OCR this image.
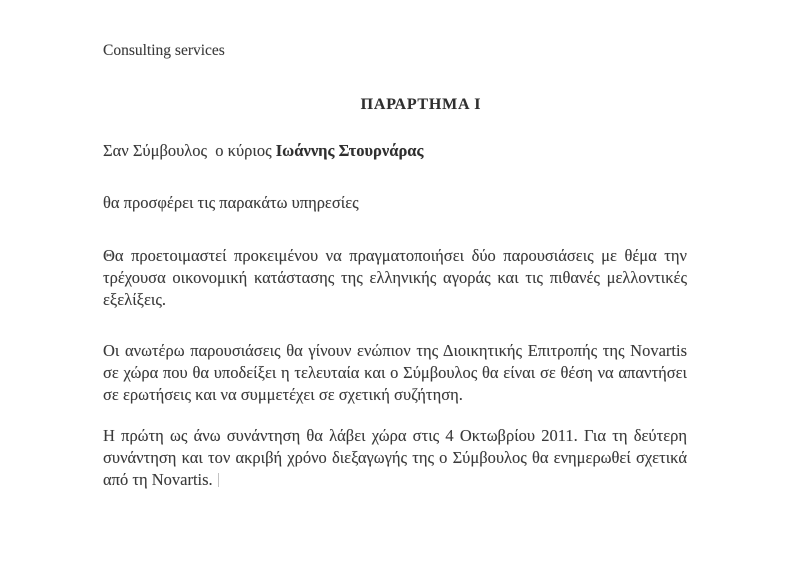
Consulting services

ΠΑΡΑΡΤΗΜΑ Ι

Σαν Σύμβουλος  ο κύριος Ιωάννης Στουρνάρας

θα προσφέρει τις παρακάτω υπηρεσίες

Θα προετοιμαστεί προκειμένου να πραγματοποιήσει δύο παρουσιάσεις με θέμα την τρέχουσα οικονομική κατάστασης της ελληνικής αγοράς και τις πιθανές μελλοντικές εξελίξεις.

Οι ανωτέρω παρουσιάσεις θα γίνουν ενώπιον της Διοικητικής Επιτροπής της Novartis σε χώρα που θα υποδείξει η τελευταία και ο Σύμβουλος θα είναι σε θέση να απαντήσει σε ερωτήσεις και να συμμετέχει σε σχετική συζήτηση.

Η πρώτη ως άνω συνάντηση θα λάβει χώρα στις 4 Οκτωβρίου 2011. Για τη δεύτερη συνάντηση και τον ακριβή χρόνο διεξαγωγής της ο Σύμβουλος θα ενημερωθεί σχετικά από τη Novartis.
